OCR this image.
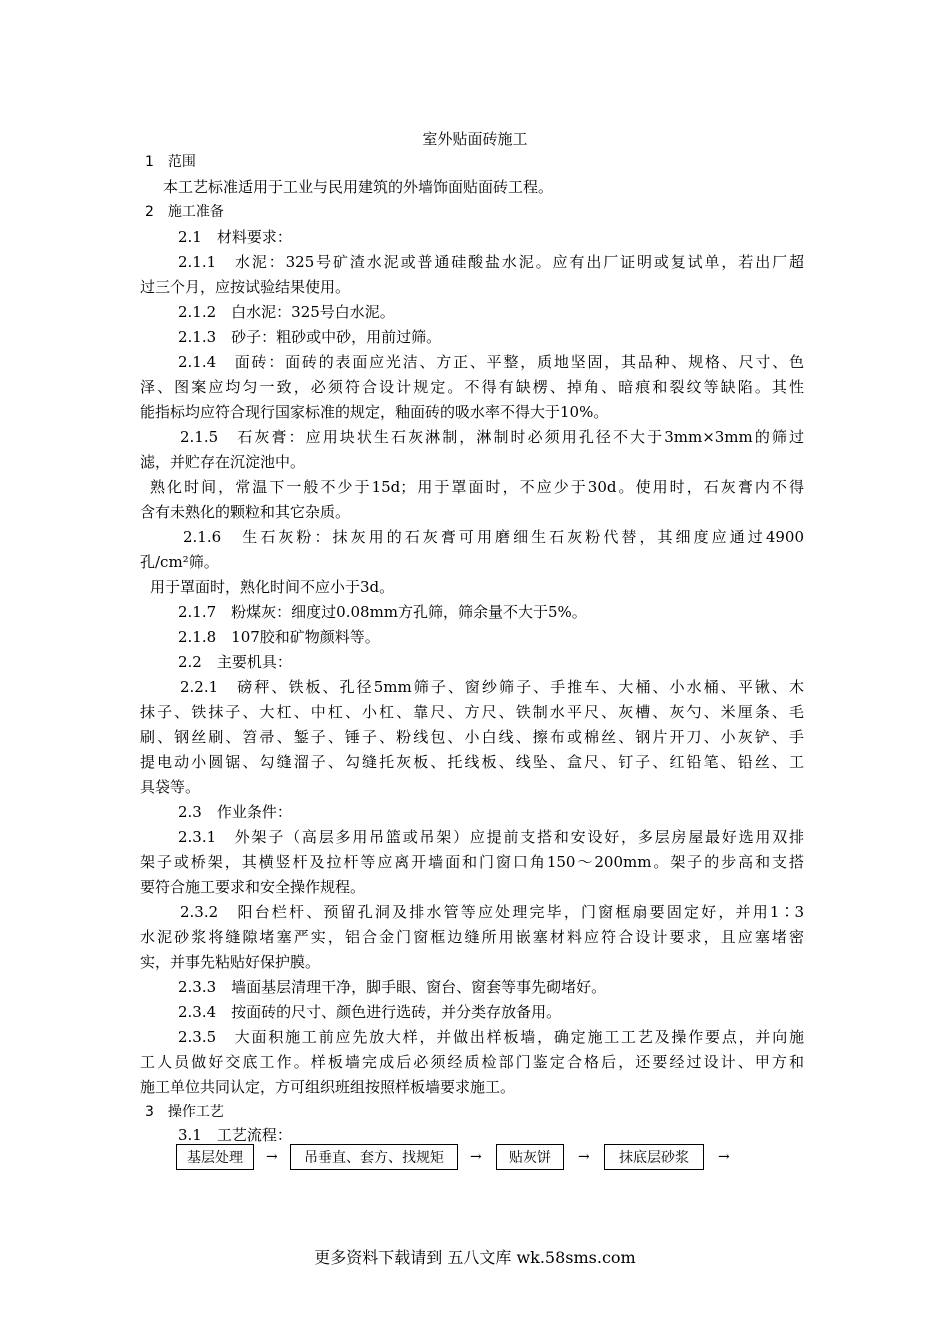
室外贴面砖施工
1　范围
本工艺标准适用于工业与民用建筑的外墙饰面贴面砖工程。
2　施工准备
2.1　材料要求：
2.1.1　水泥：325号矿渣水泥或普通硅酸盐水泥。应有出厂证明或复试单，若出厂超
过三个月，应按试验结果使用。
2.1.2　白水泥：325号白水泥。
2.1.3　砂子：粗砂或中砂，用前过筛。
2.1.4　面砖：面砖的表面应光洁、方正、平整，质地坚固，其品种、规格、尺寸、色
泽、图案应均匀一致，必须符合设计规定。不得有缺楞、掉角、暗痕和裂纹等缺陷。其性
能指标均应符合现行国家标准的规定，釉面砖的吸水率不得大于10%。
2.1.5　石灰膏：应用块状生石灰淋制，淋制时必须用孔径不大于3mm×3mm的筛过
滤，并贮存在沉淀池中。
熟化时间，常温下一般不少于15d；用于罩面时，不应少于30d。使用时，石灰膏内不得
含有未熟化的颗粒和其它杂质。
2.1.6　生石灰粉：抹灰用的石灰膏可用磨细生石灰粉代替，其细度应通过4900
孔/cm²筛。
用于罩面时，熟化时间不应小于3d。
2.1.7　粉煤灰：细度过0.08mm方孔筛，筛余量不大于5%。
2.1.8　107胶和矿物颜料等。
2.2　主要机具：
2.2.1　磅秤、铁板、孔径5mm筛子、窗纱筛子、手推车、大桶、小水桶、平锹、木
抹子、铁抹子、大杠、中杠、小杠、靠尺、方尺、铁制水平尺、灰槽、灰勺、米厘条、毛
刷、钢丝刷、笤帚、錾子、锤子、粉线包、小白线、擦布或棉丝、钢片开刀、小灰铲、手
提电动小圆锯、勾缝溜子、勾缝托灰板、托线板、线坠、盒尺、钉子、红铅笔、铅丝、工
具袋等。
2.3　作业条件：
2.3.1　外架子（高层多用吊篮或吊架）应提前支搭和安设好，多层房屋最好选用双排
架子或桥架，其横竖杆及拉杆等应离开墙面和门窗口角150～200mm。架子的步高和支搭
要符合施工要求和安全操作规程。
2.3.2　阳台栏杆、预留孔洞及排水管等应处理完毕，门窗框扇要固定好，并用1∶3
水泥砂浆将缝隙堵塞严实，铝合金门窗框边缝所用嵌塞材料应符合设计要求，且应塞堵密
实，并事先粘贴好保护膜。
2.3.3　墙面基层清理干净，脚手眼、窗台、窗套等事先砌堵好。
2.3.4　按面砖的尺寸、颜色进行选砖，并分类存放备用。
2.3.5　大面积施工前应先放大样，并做出样板墙，确定施工工艺及操作要点，并向施
工人员做好交底工作。样板墙完成后必须经质检部门鉴定合格后，还要经过设计、甲方和
施工单位共同认定，方可组织班组按照样板墙要求施工。
3　操作工艺
3.1　工艺流程：
基层处理	→	吊垂直、套方、找规矩	→	贴灰饼	→	抹底层砂浆	→
更多资料下载请到 五八文库 wk.58sms.com
